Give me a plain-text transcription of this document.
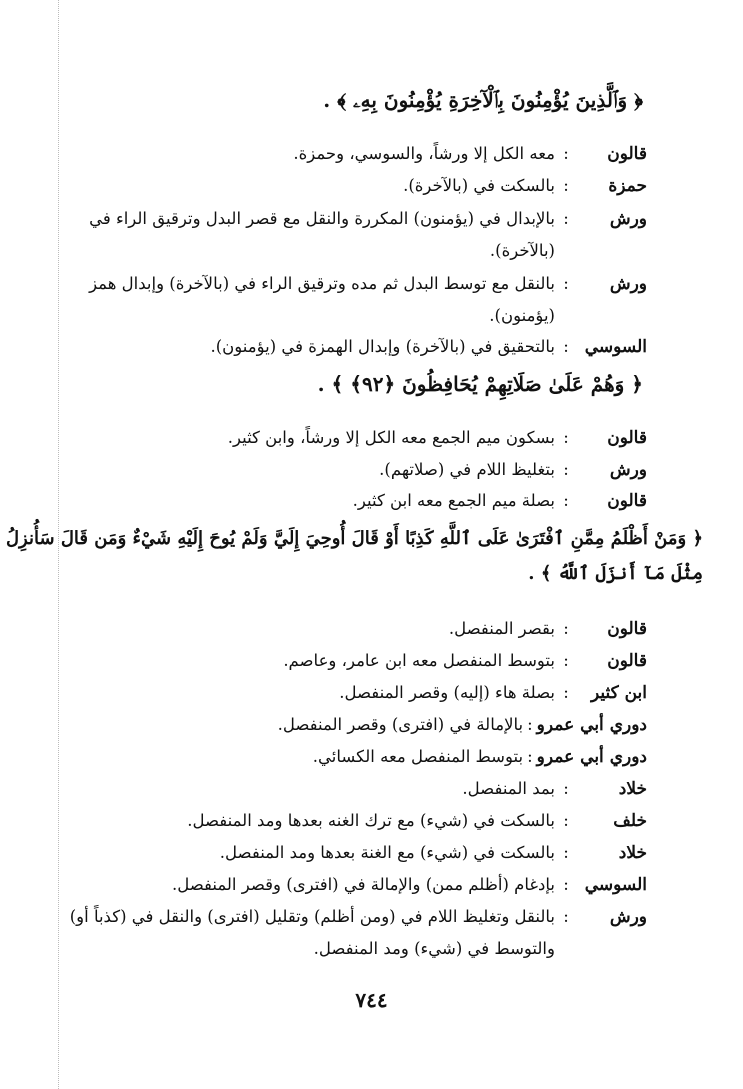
﴿ وَٱلَّذِينَ يُؤْمِنُونَ بِٱلْآخِرَةِ يُؤْمِنُونَ بِهِۦ ﴾ .
قالون
:
معه الكل إلا ورشاً، والسوسي، وحمزة.
حمزة
:
بالسكت في (بالآخرة).
ورش
:
بالإبدال في (يؤمنون) المكررة والنقل مع قصر البدل وترقيق الراء في (بالآخرة).
ورش
:
بالنقل مع توسط البدل ثم مده وترقيق الراء في (بالآخرة) وإبدال همز (يؤمنون).
السوسي
:
بالتحقيق في (بالآخرة) وإبدال الهمزة في (يؤمنون).
﴿ وَهُمْ عَلَىٰ صَلَاتِهِمْ يُحَافِظُونَ ﴿٩٢﴾ ﴾ .
قالون
:
بسكون ميم الجمع معه الكل إلا ورشاً، وابن كثير.
ورش
:
بتغليظ اللام في (صلاتهم).
قالون
:
بصلة ميم الجمع معه ابن كثير.
﴿ وَمَنْ أَظْلَمُ مِمَّنِ ٱفْتَرَىٰ عَلَى ٱللَّهِ كَذِبًا أَوْ قَالَ أُوحِيَ إِلَيَّ وَلَمْ يُوحَ إِلَيْهِ شَيْءٌ وَمَن قَالَ سَأُنزِلُ
مِثْلَ مَآ أَنزَلَ ٱللَّهُ ﴾ .
قالون
:
بقصر المنفصل.
قالون
:
بتوسط المنفصل معه ابن عامر، وعاصم.
ابن كثير
:
بصلة هاء (إليه) وقصر المنفصل.
دوري أبي عمرو
:
بالإمالة في (افترى) وقصر المنفصل.
دوري أبي عمرو
:
بتوسط المنفصل معه الكسائي.
خلاد
:
بمد المنفصل.
خلف
:
بالسكت في (شيء) مع ترك الغنه بعدها ومد المنفصل.
خلاد
:
بالسكت في (شيء) مع الغنة بعدها ومد المنفصل.
السوسي
:
بإدغام (أظلم ممن) والإمالة في (افترى) وقصر المنفصل.
ورش
:
بالنقل وتغليظ اللام في (ومن أظلم) وتقليل (افترى) والنقل في (كذباً أو) والتوسط في (شيء) ومد المنفصل.
٧٤٤
